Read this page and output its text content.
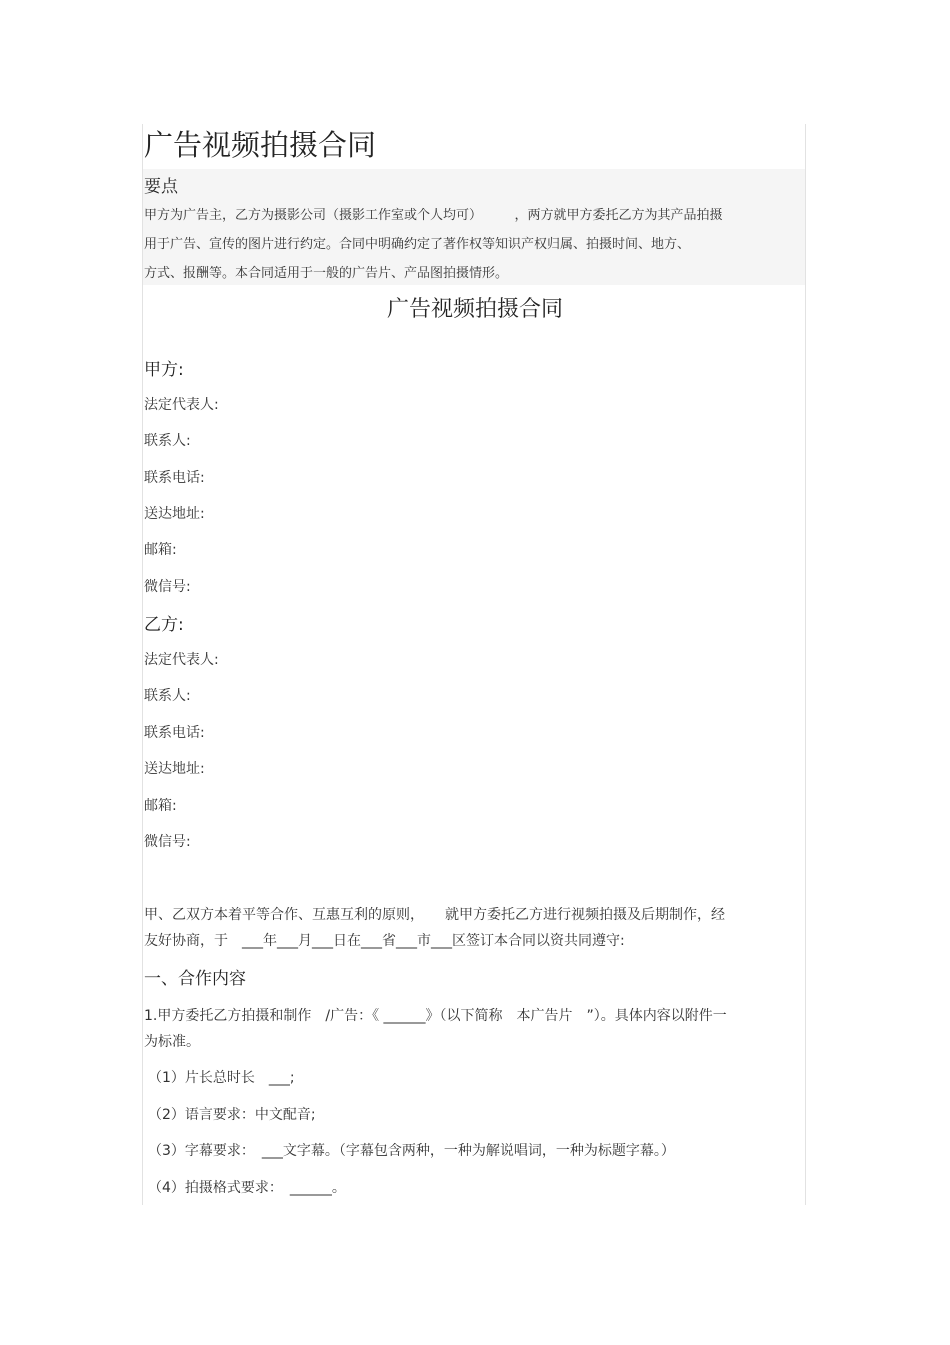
广告视频拍摄合同
要点
甲方为广告主，乙方为摄影公司（摄影工作室或个人均可）　　　，两方就甲方委托乙方为其产品拍摄
用于广告、宣传的图片进行约定。合同中明确约定了著作权等知识产权归属、拍摄时间、地方、
方式、报酬等。本合同适用于一般的广告片、产品图拍摄情形。
广告视频拍摄合同
甲方:
法定代表人:
联系人:
联系电话:
送达地址:
邮箱:
微信号:
乙方:
法定代表人:
联系人:
联系电话:
送达地址:
邮箱:
微信号:
甲、乙双方本着平等合作、互惠互利的原则，　　就甲方委托乙方进行视频拍摄及后期制作，经
友好协商，于　___年___月___日在___省___市___区签订本合同以资共同遵守:
一、合作内容
1.甲方委托乙方拍摄和制作　/广告：《 ______》（以下简称　本广告片　”）。具体内容以附件一
为标准。
（1）片长总时长　___;
（2）语言要求：中文配音;
（3）字幕要求：　___文字幕。（字幕包含两种，一种为解说唱词，一种为标题字幕。）
（4）拍摄格式要求：　______。
